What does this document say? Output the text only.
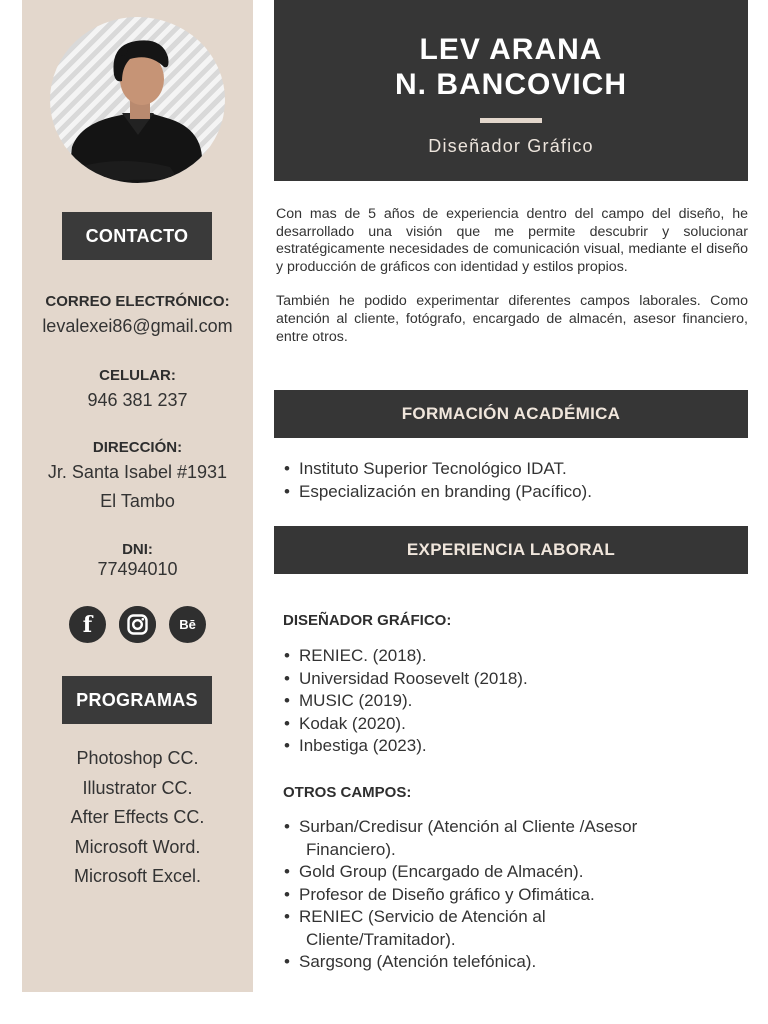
CONTACTO
CORREO ELECTRÓNICO:
levalexei86@gmail.com
CELULAR:
946 381 237
DIRECCIÓN:
Jr. Santa Isabel #1931
El Tambo
DNI:
77494010
f	Bē
PROGRAMAS
Photoshop CC.
Illustrator CC.
After Effects CC.
Microsoft Word.
Microsoft Excel.
LEV ARANA
N. BANCOVICH
Diseñador Gráfico

Con mas de 5 años de experiencia dentro del campo del diseño, he desarrollado una visión que me permite descubrir y solucionar estratégicamente necesidades de comunicación visual, mediante el diseño y producción de gráficos con identidad y estilos propios.

También he podido experimentar diferentes campos laborales. Como atención al cliente, fotógrafo, encargado de almacén, asesor financiero, entre otros.

FORMACIÓN ACADÉMICA
• Instituto Superior Tecnológico IDAT.
• Especialización en branding (Pacífico).
EXPERIENCIA LABORAL
DISEÑADOR GRÁFICO:
• RENIEC. (2018).
• Universidad Roosevelt (2018).
• MUSIC (2019).
• Kodak (2020).
• Inbestiga (2023).
OTROS CAMPOS:
• Surban/Credisur (Atención al Cliente /Asesor
Financiero).
• Gold Group (Encargado de Almacén).
• Profesor de Diseño gráfico y Ofimática.
• RENIEC (Servicio de Atención al
Cliente/Tramitador).
• Sargsong (Atención telefónica).
